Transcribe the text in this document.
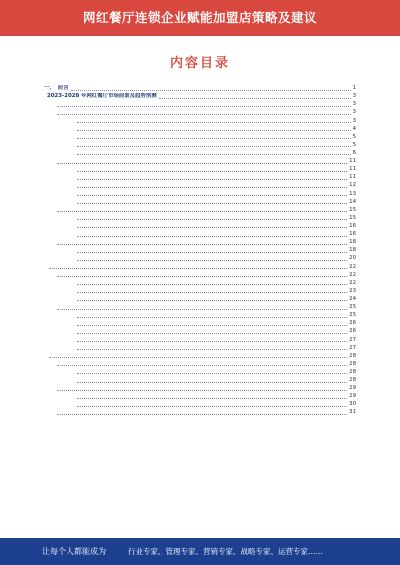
网红餐厅连锁企业赋能加盟店策略及建议
内容目录
一、 前言	1
2023-2028 年网红餐厅市场前景及趋势预测	3
3
3
3
4
5
5
6
11
11
11
12
13
14
15
15
16
16
18
18
20
22
22
22
23
24
25
25
26
26
27
27
28
28
28
28
29
29
30
31
让每个人都能成为	行业专家、管理专家、营销专家、战略专家、运营专家……
